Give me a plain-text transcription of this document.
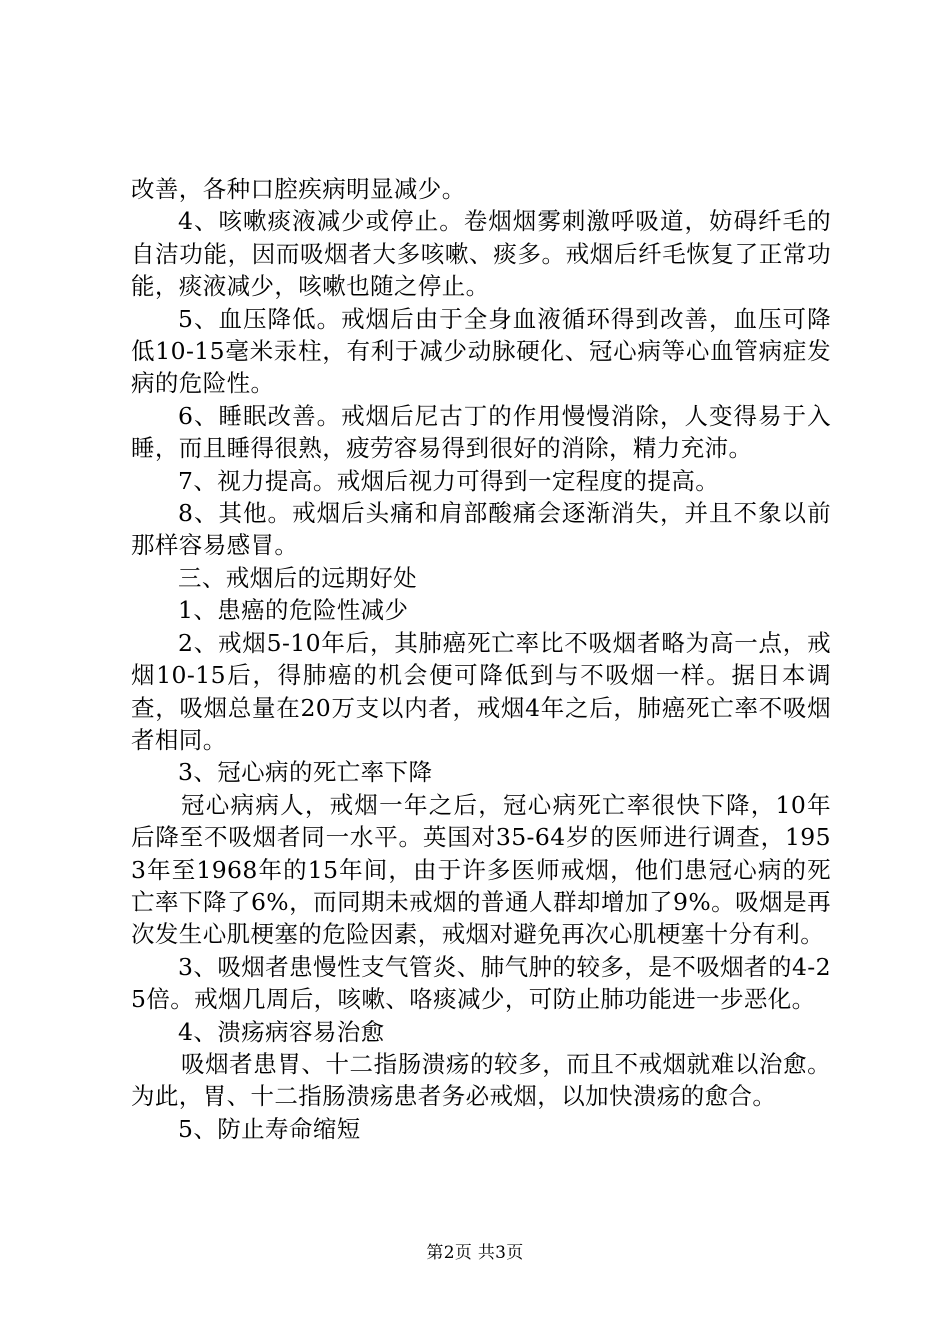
改善，各种口腔疾病明显减少。

4、咳嗽痰液减少或停止。卷烟烟雾刺激呼吸道，妨碍纤毛的自洁功能，因而吸烟者大多咳嗽、痰多。戒烟后纤毛恢复了正常功能，痰液减少，咳嗽也随之停止。

5、血压降低。戒烟后由于全身血液循环得到改善，血压可降低10-15毫米汞柱，有利于减少动脉硬化、冠心病等心血管病症发病的危险性。

6、睡眠改善。戒烟后尼古丁的作用慢慢消除，人变得易于入睡，而且睡得很熟，疲劳容易得到很好的消除，精力充沛。

7、视力提高。戒烟后视力可得到一定程度的提高。

8、其他。戒烟后头痛和肩部酸痛会逐渐消失，并且不象以前那样容易感冒。

三、戒烟后的远期好处

1、患癌的危险性减少

2、戒烟5-10年后，其肺癌死亡率比不吸烟者略为高一点，戒烟10-15后，得肺癌的机会便可降低到与不吸烟一样。据日本调查，吸烟总量在20万支以内者，戒烟4年之后，肺癌死亡率不吸烟者相同。

3、冠心病的死亡率下降

冠心病病人，戒烟一年之后，冠心病死亡率很快下降，10年后降至不吸烟者同一水平。英国对35-64岁的医师进行调查，1953年至1968年的15年间，由于许多医师戒烟，他们患冠心病的死亡率下降了6%，而同期未戒烟的普通人群却增加了9%。吸烟是再次发生心肌梗塞的危险因素，戒烟对避免再次心肌梗塞十分有利。

3、吸烟者患慢性支气管炎、肺气肿的较多，是不吸烟者的4-25倍。戒烟几周后，咳嗽、咯痰减少，可防止肺功能进一步恶化。

4、溃疡病容易治愈

吸烟者患胃、十二指肠溃疡的较多，而且不戒烟就难以治愈。为此，胃、十二指肠溃疡患者务必戒烟，以加快溃疡的愈合。

5、防止寿命缩短

第2页 共3页
